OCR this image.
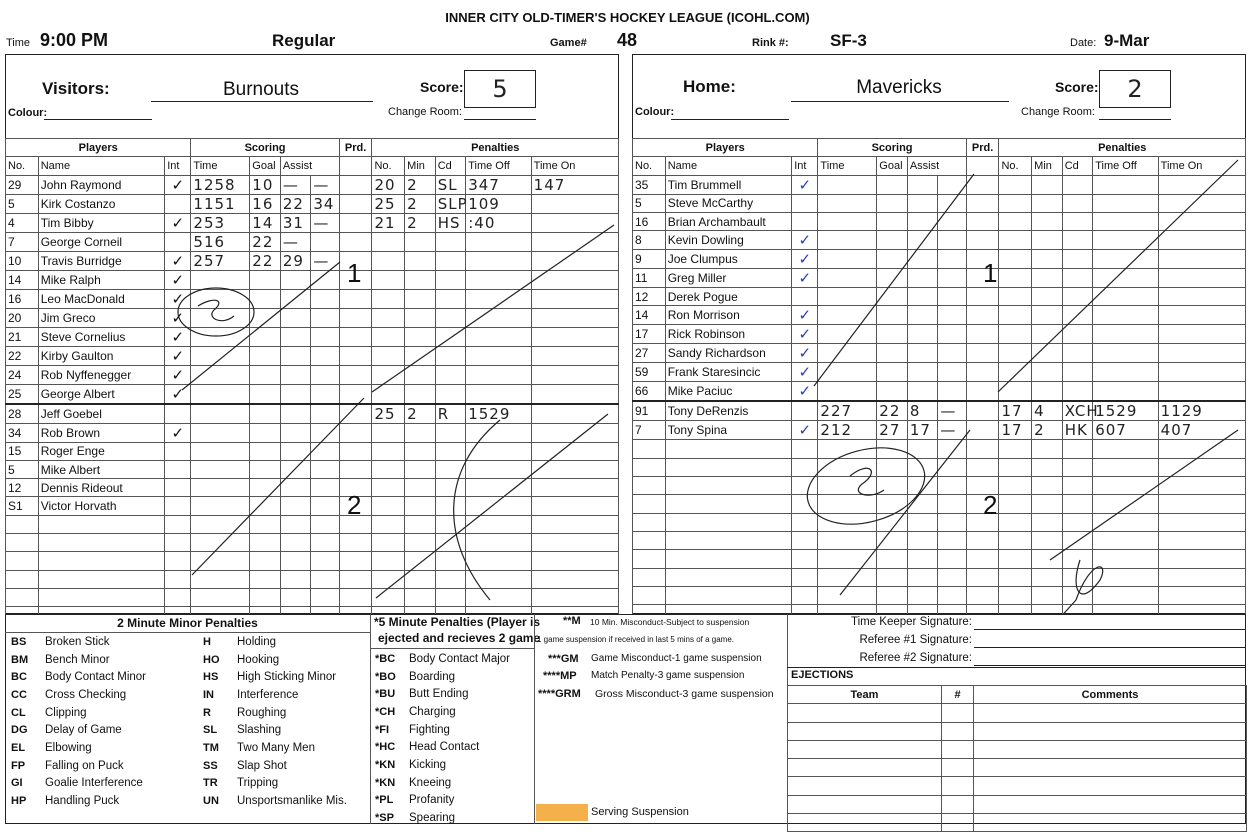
INNER CITY OLD-TIMER'S HOCKEY LEAGUE (ICOHL.COM)
Time 9:00 PM	Regular	Game# 48	Rink #: SF-3	Date: 9-Mar
Visitors:	Burnouts	Score:	5
Colour:	Change Room:
Players			Scoring				Prd.	Penalties				
No.	Name	Int	Time	Goal	Assist			No.	Min	Cd	Time Off	Time On
29	John Raymond	✓	1258	10	—	—		20	2	SL	347	147
5	Kirk Costanzo		1151	16	22	34		25	2	SLP	109	
4	Tim Bibby	✓	253	14	31	—		21	2	HS	:40	
7	George Corneil		516	22	—							
10	Travis Burridge	✓	257	22	29	—						
14	Mike Ralph	✓										
16	Leo MacDonald	✓										
20	Jim Greco	✓										
21	Steve Cornelius	✓										
22	Kirby Gaulton	✓										
24	Rob Nyffenegger	✓										
25	George Albert	✓										
28	Jeff Goebel							25	2	R	1529	
34	Rob Brown	✓										
15	Roger Enge											
5	Mike Albert											
12	Dennis Rideout											
S1	Victor Horvath											

Home:	Mavericks	Score:	2
Colour:	Change Room:
Players			Scoring				Prd.	Penalties				
No.	Name	Int	Time	Goal	Assist			No.	Min	Cd	Time Off	Time On
35	Tim Brummell	✓										
5	Steve McCarthy											
16	Brian Archambault											
8	Kevin Dowling	✓										
9	Joe Clumpus	✓										
11	Greg Miller	✓										
12	Derek Pogue											
14	Ron Morrison	✓										
17	Rick Robinson	✓										
27	Sandy Richardson	✓										
59	Frank Staresincic	✓										
66	Mike Paciuc	✓										
91	Tony DeRenzis		227	22	8	—		17	4	XCH	1529	1129
7	Tony Spina	✓	212	27	17	—		17	2	HK	607	407

1
2
1
2
2 Minute Minor Penalties
BS	Broken Stick
BM	Bench Minor
BC	Body Contact Minor
CC	Cross Checking
CL	Clipping
DG	Delay of Game
EL	Elbowing
FP	Falling on Puck
GI	Goalie Interference
HP	Handling Puck
H	Holding
HO	Hooking
HS	High Sticking Minor
IN	Interference
R	Roughing
SL	Slashing
TM	Two Many Men
SS	Slap Shot
TR	Tripping
UN	Unsportsmanlike Mis.
*5 Minute Penalties (Player is
ejected and recieves 2 game
*BC	Body Contact Major
*BO	Boarding
*BU	Butt Ending
*CH	Charging
*FI	Fighting
*HC	Head Contact
*KN	Kicking
*KN	Kneeing
*PL	Profanity
*SP	Spearing
**M 10 Min. Misconduct-Subject to suspension
1 game suspension if received in last 5 mins of a game.
***GM Game Misconduct-1 game suspension
****MP Match Penalty-3 game suspension
****GRM Gross Misconduct-3 game suspension
Serving Suspension
Time Keeper Signature:
Referee #1 Signature:
Referee #2 Signature:
EJECTIONS
Team	#	Comments
